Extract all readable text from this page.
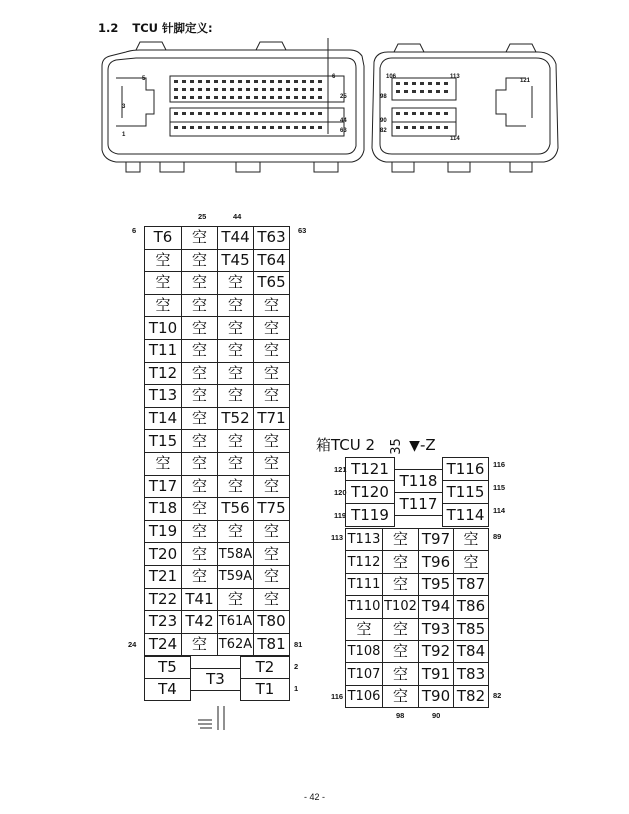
1.2 TCU 针脚定义:
5	6
3
1
25
44
63
106	113
121
98
90
82
114
25	44
6
24
63
81
2
1
T6	空	T44	T63
空	空	T45	T64
空	空	空	T65
空	空	空	空
T10	空	空	空
T11	空	空	空
T12	空	空	空
T13	空	空	空
T14	空	T52	T71
T15	空	空	空
空	空	空	空
T17	空	空	空
T18	空	T56	T75
T19	空	空	空
T20	空	T58A	空
T21	空	T59A	空
T22	T41	空	空
T23	T42	T61A	T80
T24	空	T62A	T81
T5		T2
	T3	
T4		T1

箱TCU 2 35 ▼-Z
121
120
119
116
115
114
113
116
89
82
98	90
T121		T116
	T118	
T120		T115
	T117	
T119		T114

T113	空	T97	空
T112	空	T96	空
T111	空	T95	T87
T110	T102	T94	T86
空	空	T93	T85
T108	空	T92	T84
T107	空	T91	T83
T106	空	T90	T82
- 42 -
